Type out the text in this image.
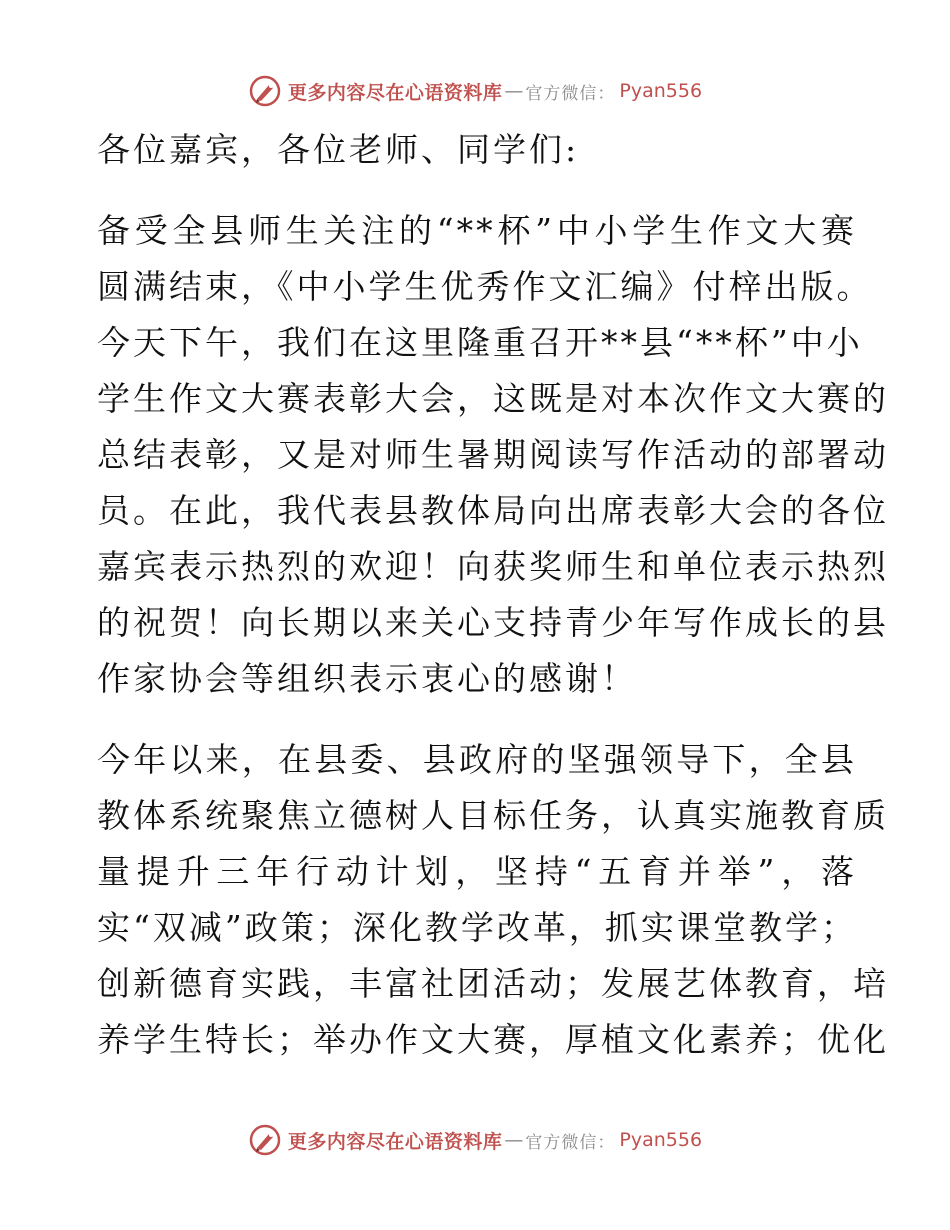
更多内容尽在心语资料库 — 官方微信： Pyan556
各位嘉宾，各位老师、同学们:
备受全县师生关注的“**杯”中小学生作文大赛
圆满结束，《中小学生优秀作文汇编》付梓出版。
今天下午，我们在这里隆重召开**县“**杯”中小
学生作文大赛表彰大会，这既是对本次作文大赛的
总结表彰，又是对师生暑期阅读写作活动的部署动
员。在此，我代表县教体局向出席表彰大会的各位
嘉宾表示热烈的欢迎！向获奖师生和单位表示热烈
的祝贺！向长期以来关心支持青少年写作成长的县
作家协会等组织表示衷心的感谢！
今年以来，在县委、县政府的坚强领导下，全县
教体系统聚焦立德树人目标任务，认真实施教育质
量提升三年行动计划，坚持“五育并举”，落
实“双减”政策；深化教学改革，抓实课堂教学；
创新德育实践，丰富社团活动；发展艺体教育，培
养学生特长；举办作文大赛，厚植文化素养；优化
更多内容尽在心语资料库 — 官方微信： Pyan556
